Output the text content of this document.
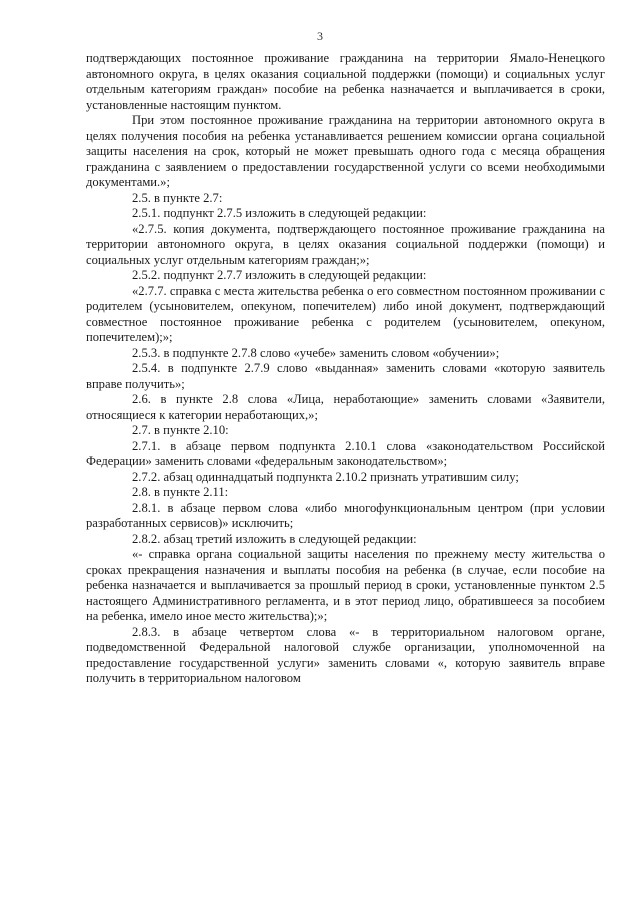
3

подтверждающих постоянное проживание гражданина на территории Ямало-Ненецкого автономного округа, в целях оказания социальной поддержки (помощи) и социальных услуг отдельным категориям граждан» пособие на ребенка назначается и выплачивается в сроки, установленные настоящим пунктом.

При этом постоянное проживание гражданина на территории автономного округа в целях получения пособия на ребенка устанавливается решением комиссии органа социальной защиты населения на срок, который не может превышать одного года с месяца обращения гражданина с заявлением о предоставлении государственной услуги со всеми необходимыми документами.»;

2.5. в пункте 2.7:

2.5.1. подпункт 2.7.5 изложить в следующей редакции:

«2.7.5. копия документа, подтверждающего постоянное проживание гражданина на территории автономного округа, в целях оказания социальной поддержки (помощи) и социальных услуг отдельным категориям граждан;»;

2.5.2. подпункт 2.7.7 изложить в следующей редакции:

«2.7.7. справка с места жительства ребенка о его совместном постоянном проживании с родителем (усыновителем, опекуном, попечителем) либо иной документ, подтверждающий совместное постоянное проживание ребенка с родителем (усыновителем, опекуном, попечителем);»;

2.5.3. в подпункте 2.7.8 слово «учебе» заменить словом «обучении»;

2.5.4. в подпункте 2.7.9 слово «выданная» заменить словами «которую заявитель вправе получить»;

2.6. в пункте 2.8 слова «Лица, неработающие» заменить словами «Заявители, относящиеся к категории неработающих,»;

2.7. в пункте 2.10:

2.7.1. в абзаце первом подпункта 2.10.1 слова «законодательством Российской Федерации» заменить словами «федеральным законодательством»;

2.7.2. абзац одиннадцатый подпункта 2.10.2 признать утратившим силу;

2.8. в пункте 2.11:

2.8.1. в абзаце первом слова «либо многофункциональным центром (при условии разработанных сервисов)» исключить;

2.8.2. абзац третий изложить в следующей редакции:

«- справка органа социальной защиты населения по прежнему месту жительства о сроках прекращения назначения и выплаты пособия на ребенка (в случае, если пособие на ребенка назначается и выплачивается за прошлый период в сроки, установленные пунктом 2.5 настоящего Административного регламента, и в этот период лицо, обратившееся за пособием на ребенка, имело иное место жительства);»;

2.8.3. в абзаце четвертом слова «- в территориальном налоговом органе, подведомственной Федеральной налоговой службе организации, уполномоченной на предоставление государственной услуги» заменить словами «, которую заявитель вправе получить в территориальном налоговом
